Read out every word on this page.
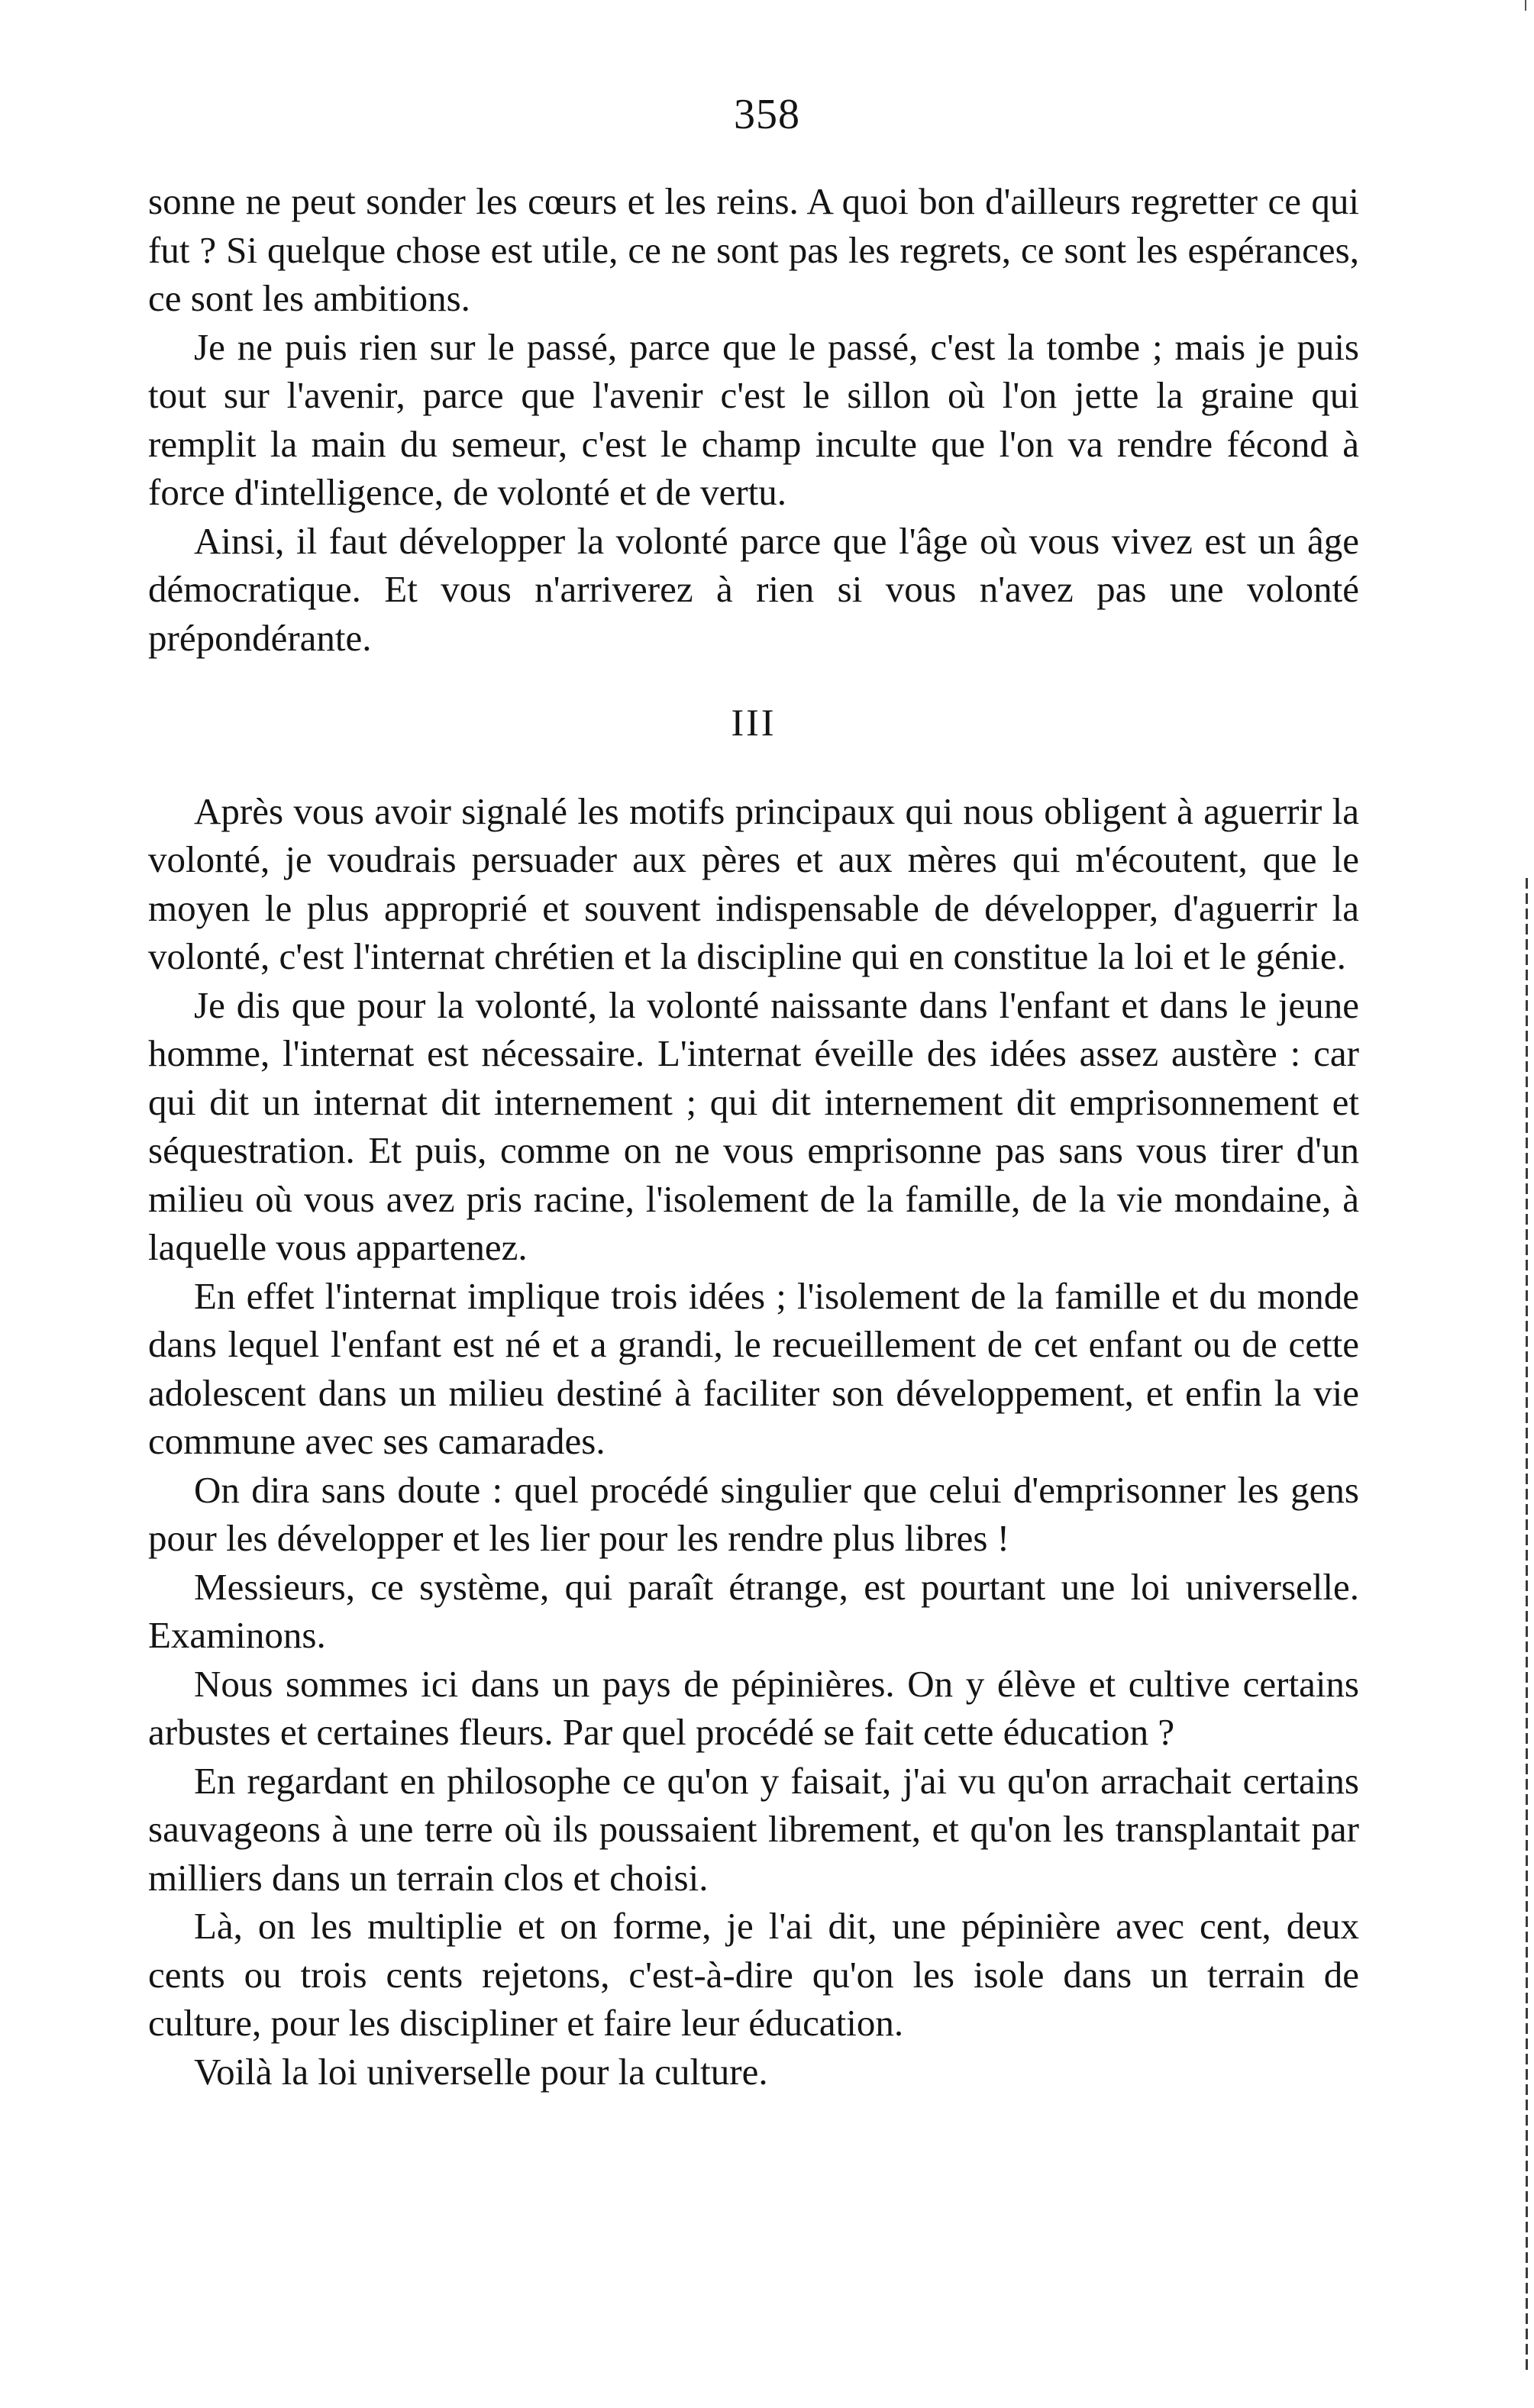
358

sonne ne peut sonder les cœurs et les reins. A quoi bon d'ailleurs regretter ce qui fut ? Si quelque chose est utile, ce ne sont pas les regrets, ce sont les espérances, ce sont les ambitions.

Je ne puis rien sur le passé, parce que le passé, c'est la tombe ; mais je puis tout sur l'avenir, parce que l'avenir c'est le sillon où l'on jette la graine qui remplit la main du semeur, c'est le champ inculte que l'on va rendre fécond à force d'intelligence, de volonté et de vertu.

Ainsi, il faut développer la volonté parce que l'âge où vous vivez est un âge démocratique. Et vous n'arriverez à rien si vous n'avez pas une volonté prépondérante.

III

Après vous avoir signalé les motifs principaux qui nous obligent à aguerrir la volonté, je voudrais persuader aux pères et aux mères qui m'écoutent, que le moyen le plus approprié et souvent indispensable de développer, d'aguerrir la volonté, c'est l'internat chrétien et la discipline qui en constitue la loi et le génie.

Je dis que pour la volonté, la volonté naissante dans l'enfant et dans le jeune homme, l'internat est nécessaire. L'internat éveille des idées assez austère : car qui dit un internat dit internement ; qui dit internement dit emprisonnement et séquestration. Et puis, comme on ne vous emprisonne pas sans vous tirer d'un milieu où vous avez pris racine, l'isolement de la famille, de la vie mondaine, à laquelle vous appartenez.

En effet l'internat implique trois idées ; l'isolement de la famille et du monde dans lequel l'enfant est né et a grandi, le recueillement de cet enfant ou de cette adolescent dans un milieu destiné à faciliter son développement, et enfin la vie commune avec ses camarades.

On dira sans doute : quel procédé singulier que celui d'emprisonner les gens pour les développer et les lier pour les rendre plus libres !

Messieurs, ce système, qui paraît étrange, est pourtant une loi universelle. Examinons.

Nous sommes ici dans un pays de pépinières. On y élève et cultive certains arbustes et certaines fleurs. Par quel procédé se fait cette éducation ?

En regardant en philosophe ce qu'on y faisait, j'ai vu qu'on arrachait certains sauvageons à une terre où ils poussaient librement, et qu'on les transplantait par milliers dans un terrain clos et choisi.

Là, on les multiplie et on forme, je l'ai dit, une pépinière avec cent, deux cents ou trois cents rejetons, c'est-à-dire qu'on les isole dans un terrain de culture, pour les discipliner et faire leur éducation.

Voilà la loi universelle pour la culture.
